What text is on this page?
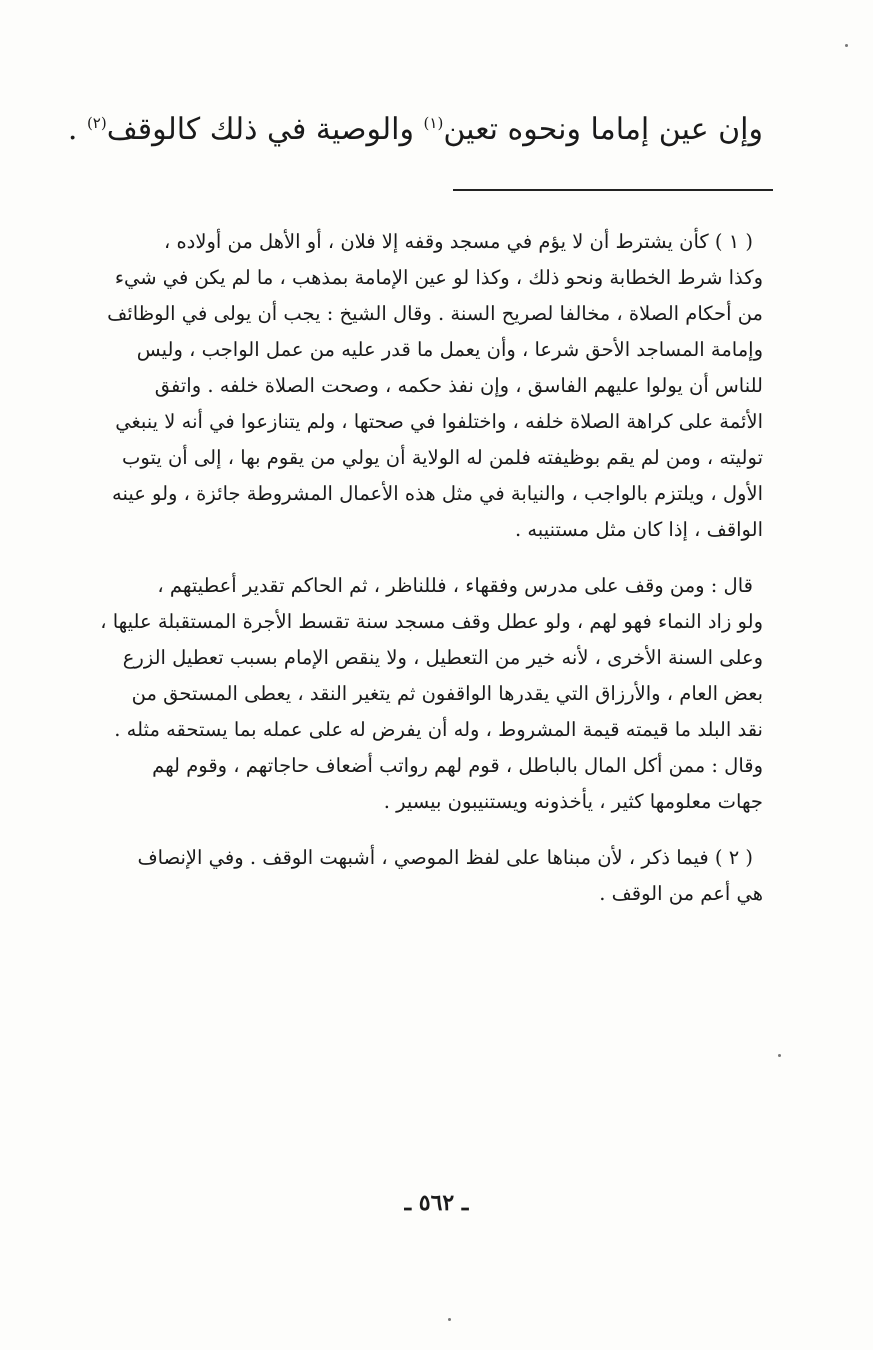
وإن عين إماما ونحوه تعين$^{(١)}$ والوصية في ذلك كالوقف$^{(٢)}$ .
( ١ ) كأن يشترط أن لا يؤم في مسجد وقفه إلا فلان ، أو الأهل من أولاده ،
وكذا شرط الخطابة ونحو ذلك ، وكذا لو عين الإمامة بمذهب ، ما لم يكن في شيء
من أحكام الصلاة ، مخالفا لصريح السنة . وقال الشيخ : يجب أن يولى في الوظائف
وإمامة المساجد الأحق شرعا ، وأن يعمل ما قدر عليه من عمل الواجب ، وليس
للناس أن يولوا عليهم الفاسق ، وإن نفذ حكمه ، وصحت الصلاة خلفه . واتفق
الأئمة على كراهة الصلاة خلفه ، واختلفوا في صحتها ، ولم يتنازعوا في أنه لا ينبغي
توليته ، ومن لم يقم بوظيفته فلمن له الولاية أن يولي من يقوم بها ، إلى أن يتوب
الأول ، ويلتزم بالواجب ، والنيابة في مثل هذه الأعمال المشروطة جائزة ، ولو عينه
الواقف ، إذا كان مثل مستنيبه .
قال : ومن وقف على مدرس وفقهاء ، فللناظر ، ثم الحاكم تقدير أعطيتهم ،
ولو زاد النماء فهو لهم ، ولو عطل وقف مسجد سنة تقسط الأجرة المستقبلة عليها ،
وعلى السنة الأخرى ، لأنه خير من التعطيل ، ولا ينقص الإمام بسبب تعطيل الزرع
بعض العام ، والأرزاق التي يقدرها الواقفون ثم يتغير النقد ، يعطى المستحق من
نقد البلد ما قيمته قيمة المشروط ، وله أن يفرض له على عمله بما يستحقه مثله .
وقال : ممن أكل المال بالباطل ، قوم لهم رواتب أضعاف حاجاتهم ، وقوم لهم
جهات معلومها كثير ، يأخذونه ويستنيبون بيسير .
( ٢ ) فيما ذكر ، لأن مبناها على لفظ الموصي ، أشبهت الوقف . وفي الإنصاف
هي أعم من الوقف .
ـ ٥٦٢ ـ
